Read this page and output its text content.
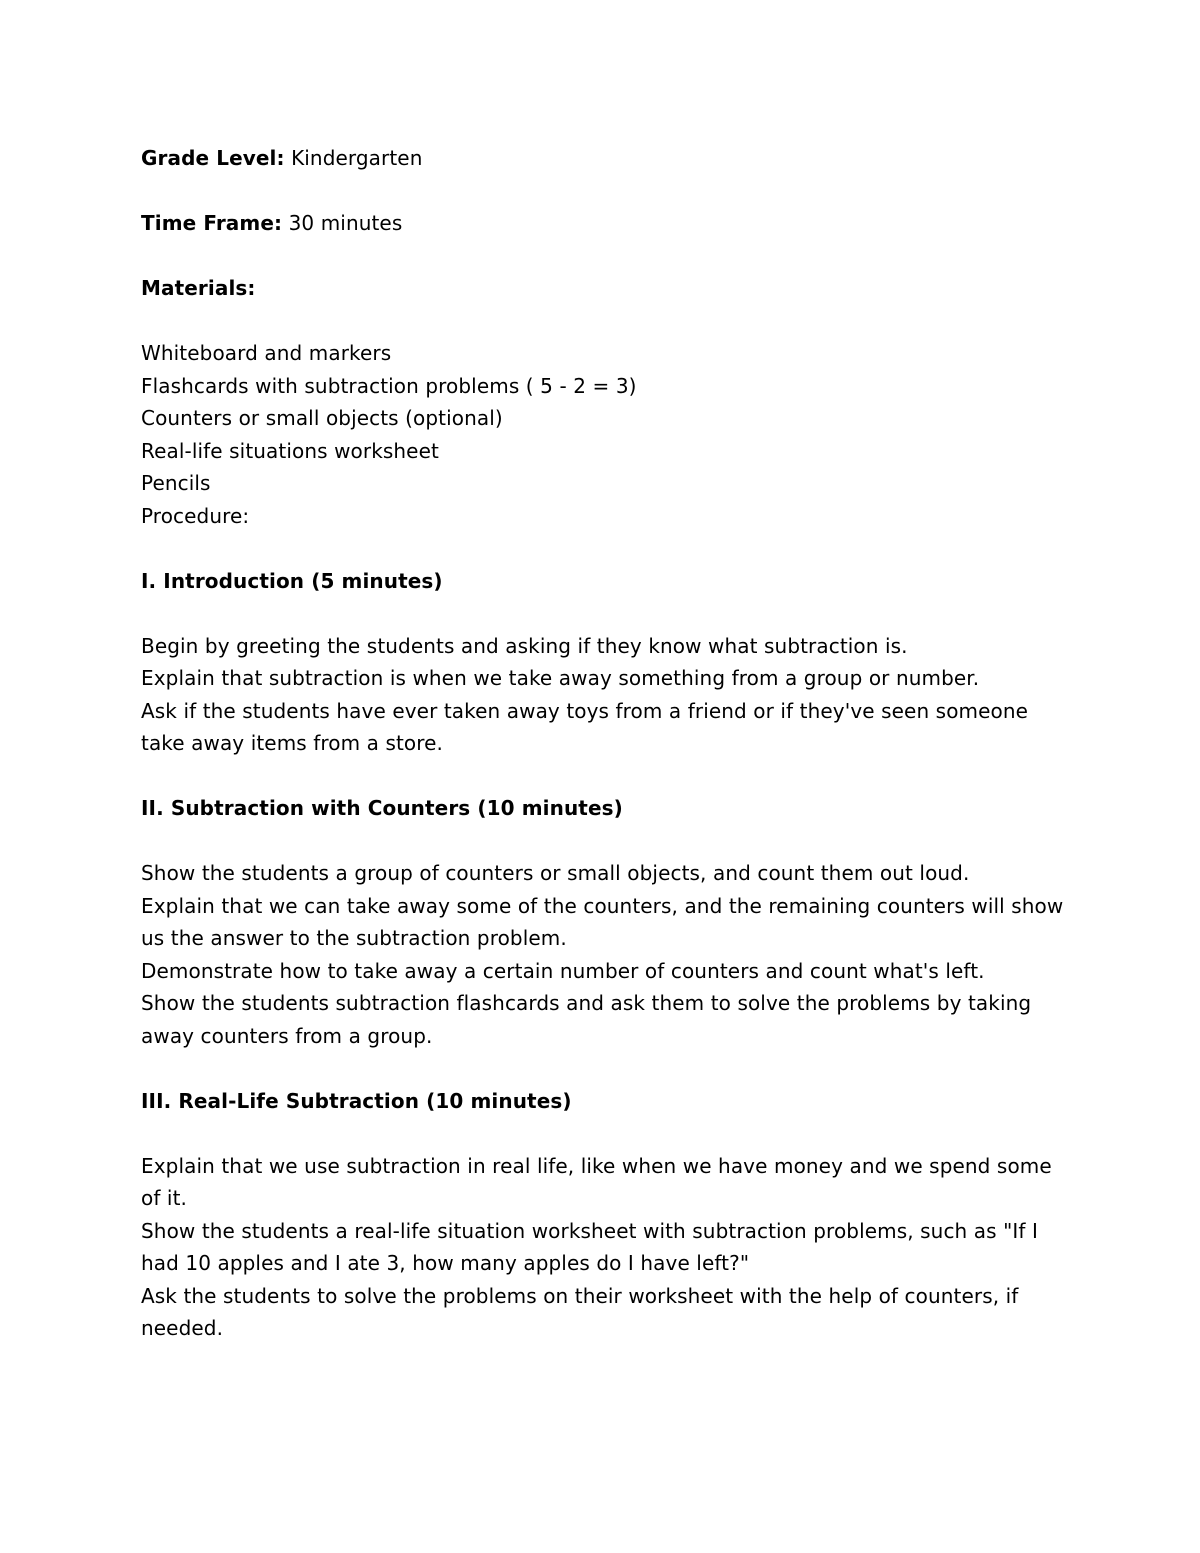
Grade Level: Kindergarten
Time Frame: 30 minutes
Materials:
Whiteboard and markers
Flashcards with subtraction problems ( 5 - 2 = 3)
Counters or small objects (optional)
Real-life situations worksheet
Pencils
Procedure:
I. Introduction (5 minutes)
Begin by greeting the students and asking if they know what subtraction is.
Explain that subtraction is when we take away something from a group or number.
Ask if the students have ever taken away toys from a friend or if they've seen someone take away items from a store.
II. Subtraction with Counters (10 minutes)
Show the students a group of counters or small objects, and count them out loud.
Explain that we can take away some of the counters, and the remaining counters will show us the answer to the subtraction problem.
Demonstrate how to take away a certain number of counters and count what's left.
Show the students subtraction flashcards and ask them to solve the problems by taking away counters from a group.
III. Real-Life Subtraction (10 minutes)
Explain that we use subtraction in real life, like when we have money and we spend some of it.
Show the students a real-life situation worksheet with subtraction problems, such as "If I had 10 apples and I ate 3, how many apples do I have left?"
Ask the students to solve the problems on their worksheet with the help of counters, if needed.
